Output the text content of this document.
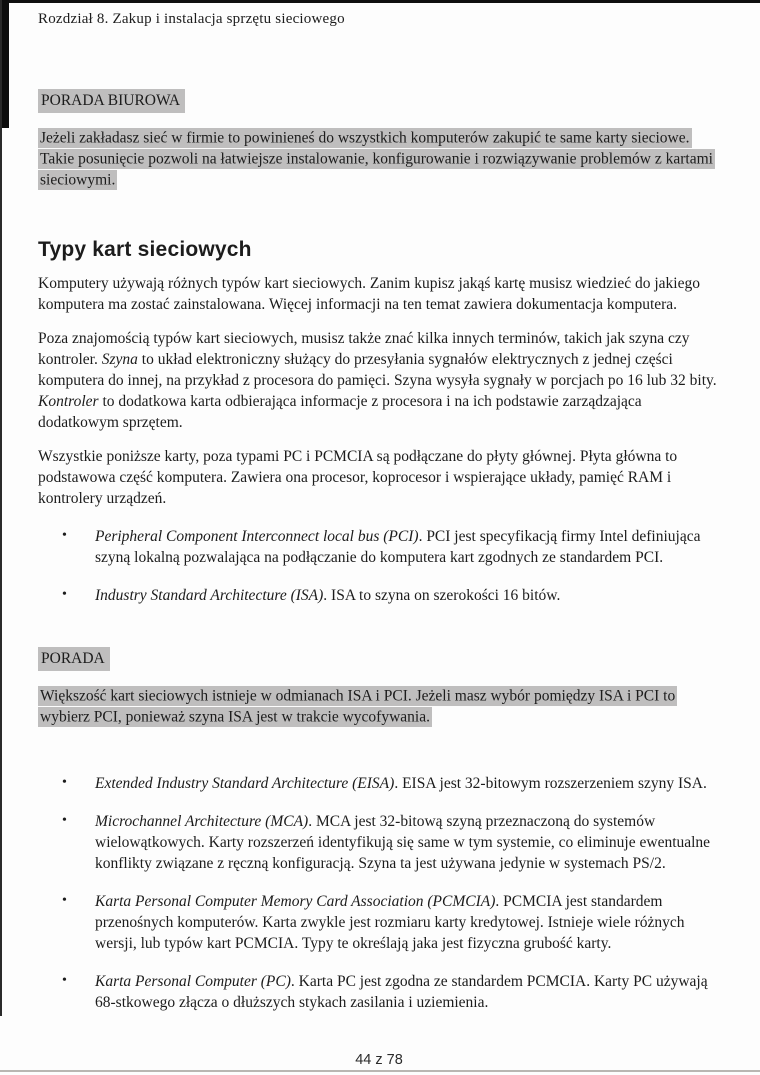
Rozdział 8. Zakup i instalacja sprzętu sieciowego
PORADA BIUROWA

Jeżeli zakładasz sieć w firmie to powinieneś do wszystkich komputerów zakupić te same karty sieciowe. Takie posunięcie pozwoli na łatwiejsze instalowanie, konfigurowanie i rozwiązywanie problemów z kartami sieciowymi.

Typy kart sieciowych

Komputery używają różnych typów kart sieciowych. Zanim kupisz jakąś kartę musisz wiedzieć do jakiego komputera ma zostać zainstalowana. Więcej informacji na ten temat zawiera dokumentacja komputera.

Poza znajomością typów kart sieciowych, musisz także znać kilka innych terminów, takich jak szyna czy kontroler. Szyna to układ elektroniczny służący do przesyłania sygnałów elektrycznych z jednej części komputera do innej, na przykład z procesora do pamięci. Szyna wysyła sygnały w porcjach po 16 lub 32 bity. Kontroler to dodatkowa karta odbierająca informacje z procesora i na ich podstawie zarządzająca dodatkowym sprzętem.

Wszystkie poniższe karty, poza typami PC i PCMCIA są podłączane do płyty głównej. Płyta główna to podstawowa część komputera. Zawiera ona procesor, koprocesor i wspierające układy, pamięć RAM i kontrolery urządzeń.

• Peripheral Component Interconnect local bus (PCI). PCI jest specyfikacją firmy Intel definiująca szyną lokalną pozwalająca na podłączanie do komputera kart zgodnych ze standardem PCI.
• Industry Standard Architecture (ISA). ISA to szyna on szerokości 16 bitów.
PORADA

Większość kart sieciowych istnieje w odmianach ISA i PCI. Jeżeli masz wybór pomiędzy ISA i PCI to wybierz PCI, ponieważ szyna ISA jest w trakcie wycofywania.

• Extended Industry Standard Architecture (EISA). EISA jest 32-bitowym rozszerzeniem szyny ISA.
• Microchannel Architecture (MCA). MCA jest 32-bitową szyną przeznaczoną do systemów wielowątkowych. Karty rozszerzeń identyfikują się same w tym systemie, co eliminuje ewentualne konflikty związane z ręczną konfiguracją. Szyna ta jest używana jedynie w systemach PS/2.
• Karta Personal Computer Memory Card Association (PCMCIA). PCMCIA jest standardem przenośnych komputerów. Karta zwykle jest rozmiaru karty kredytowej. Istnieje wiele różnych wersji, lub typów kart PCMCIA. Typy te określają jaka jest fizyczna grubość karty.
• Karta Personal Computer (PC). Karta PC jest zgodna ze standardem PCMCIA. Karty PC używają 68-stkowego złącza o dłuższych stykach zasilania i uziemienia.
44 z 78
